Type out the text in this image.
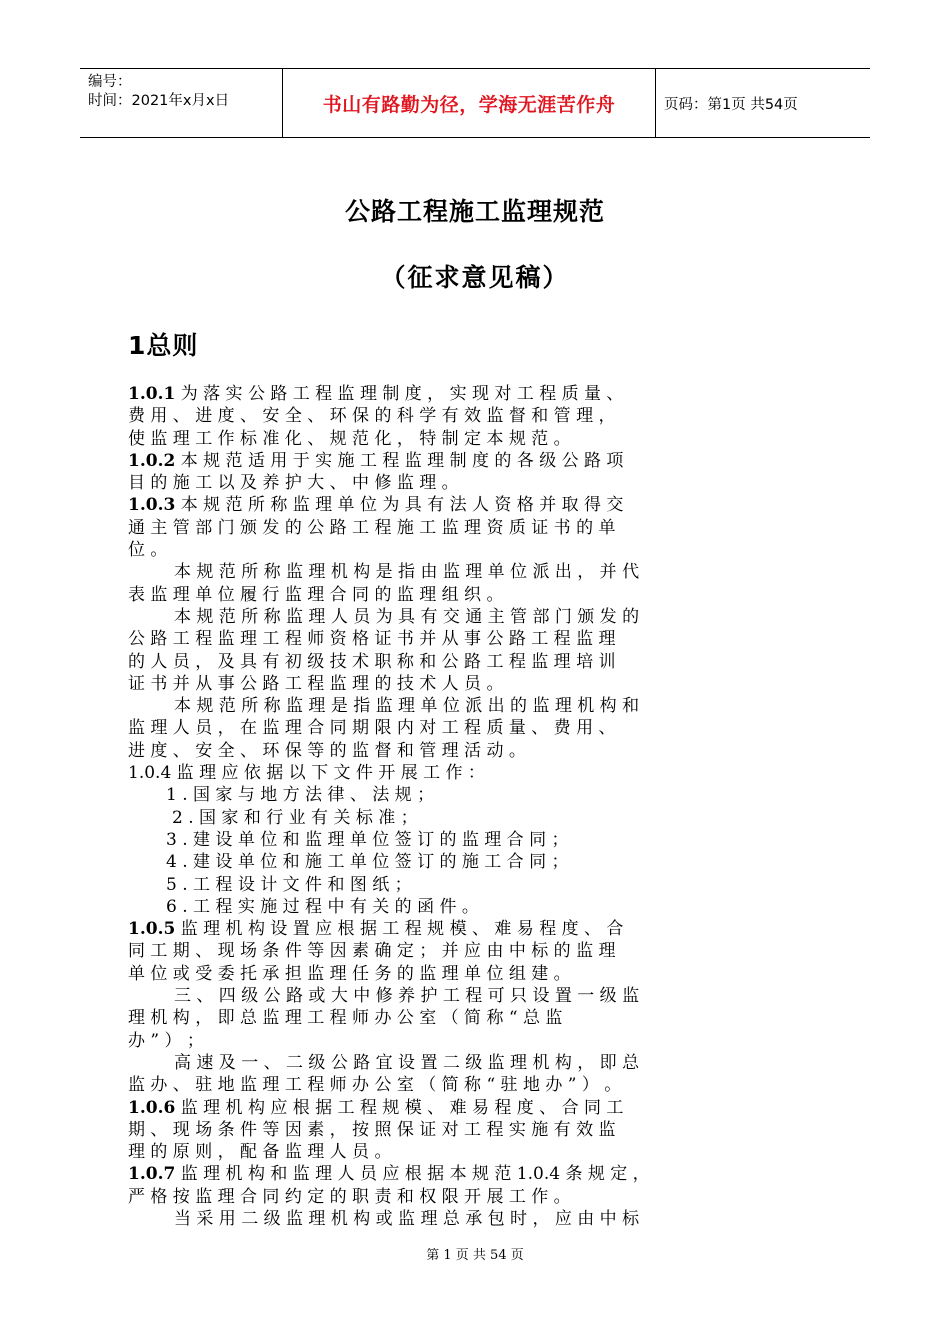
编号：
时间：2021年x月x日	书山有路勤为径，学海无涯苦作舟	页码：第1页 共54页
公路工程施工监理规范
（征求意见稿）
1总则
1.0.1 为 落 实 公 路 工 程 监 理 制 度 ， 实 现 对 工 程 质 量 、
费 用 、 进 度 、 安 全 、 环 保 的 科 学 有 效 监 督 和 管 理 ，
使 监 理 工 作 标 准 化 、 规 范 化 ， 特 制 定 本 规 范 。
1.0.2 本 规 范 适 用 于 实 施 工 程 监 理 制 度 的 各 级 公 路 项
目 的 施 工 以 及 养 护 大 、 中 修 监 理 。
1.0.3 本 规 范 所 称 监 理 单 位 为 具 有 法 人 资 格 并 取 得 交
通 主 管 部 门 颁 发 的 公 路 工 程 施 工 监 理 资 质 证 书 的 单
位 。
本 规 范 所 称 监 理 机 构 是 指 由 监 理 单 位 派 出 ， 并 代
表 监 理 单 位 履 行 监 理 合 同 的 监 理 组 织 。
本 规 范 所 称 监 理 人 员 为 具 有 交 通 主 管 部 门 颁 发 的
公 路 工 程 监 理 工 程 师 资 格 证 书 并 从 事 公 路 工 程 监 理
的 人 员 ， 及 具 有 初 级 技 术 职 称 和 公 路 工 程 监 理 培 训
证 书 并 从 事 公 路 工 程 监 理 的 技 术 人 员 。
本 规 范 所 称 监 理 是 指 监 理 单 位 派 出 的 监 理 机 构 和
监 理 人 员 ， 在 监 理 合 同 期 限 内 对 工 程 质 量 、 费 用 、
进 度 、 安 全 、 环 保 等 的 监 督 和 管 理 活 动 。
1.0.4 监 理 应 依 据 以 下 文 件 开 展 工 作 ：
1 . 国 家 与 地 方 法 律 、 法 规 ；
2 . 国 家 和 行 业 有 关 标 准 ；
3 . 建 设 单 位 和 监 理 单 位 签 订 的 监 理 合 同 ；
4 . 建 设 单 位 和 施 工 单 位 签 订 的 施 工 合 同 ；
5 . 工 程 设 计 文 件 和 图 纸 ；
6 . 工 程 实 施 过 程 中 有 关 的 函 件 。
1.0.5 监 理 机 构 设 置 应 根 据 工 程 规 模 、 难 易 程 度 、 合
同 工 期 、 现 场 条 件 等 因 素 确 定 ； 并 应 由 中 标 的 监 理
单 位 或 受 委 托 承 担 监 理 任 务 的 监 理 单 位 组 建 。
三 、 四 级 公 路 或 大 中 修 养 护 工 程 可 只 设 置 一 级 监
理 机 构 ， 即 总 监 理 工 程 师 办 公 室 （ 简 称 “ 总 监
办 ” ） ；
高 速 及 一 、 二 级 公 路 宜 设 置 二 级 监 理 机 构 ， 即 总
监 办 、 驻 地 监 理 工 程 师 办 公 室 （ 简 称 “ 驻 地 办 ” ） 。
1.0.6 监 理 机 构 应 根 据 工 程 规 模 、 难 易 程 度 、 合 同 工
期 、 现 场 条 件 等 因 素 ， 按 照 保 证 对 工 程 实 施 有 效 监
理 的 原 则 ， 配 备 监 理 人 员 。
1.0.7 监 理 机 构 和 监 理 人 员 应 根 据 本 规 范 1.0.4 条 规 定 ，
严 格 按 监 理 合 同 约 定 的 职 责 和 权 限 开 展 工 作 。
当 采 用 二 级 监 理 机 构 或 监 理 总 承 包 时 ， 应 由 中 标
第 1 页 共 54 页
